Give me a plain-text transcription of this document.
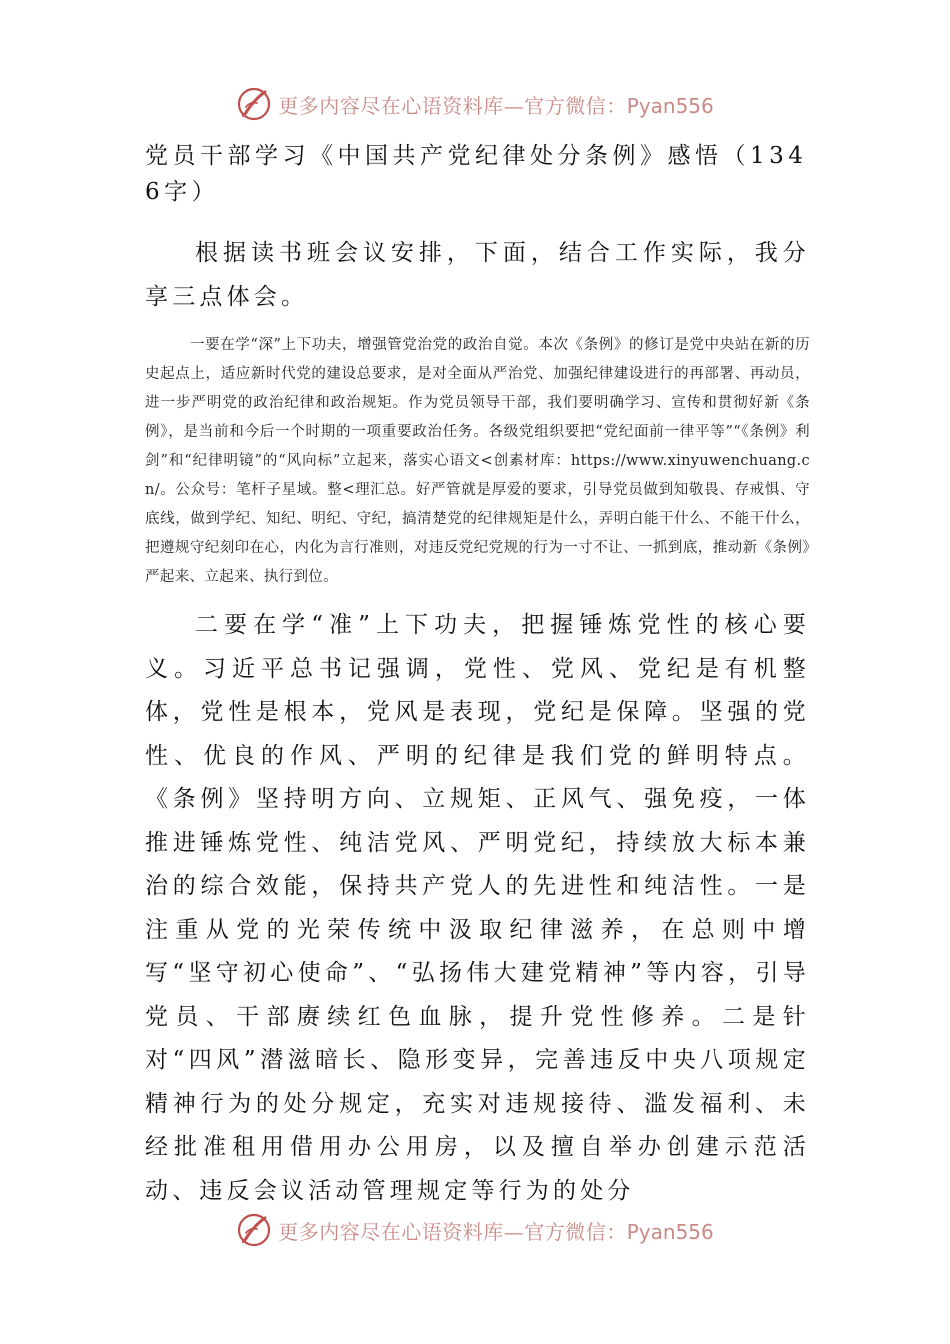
更多内容尽在心语资料库—官方微信：Pyan556
党员干部学习《中国共产党纪律处分条例》感悟（1346字）

根据读书班会议安排，下面，结合工作实际，我分享三点体会。

一要在学“深”上下功夫，增强管党治党的政治自觉。本次《条例》的修订是党中央站在新的历史起点上，适应新时代党的建设总要求，是对全面从严治党、加强纪律建设进行的再部署、再动员，进一步严明党的政治纪律和政治规矩。作为党员领导干部，我们要明确学习、宣传和贯彻好新《条例》，是当前和今后一个时期的一项重要政治任务。各级党组织要把“党纪面前一律平等”“《条例》利剑”和“纪律明镜”的“风向标”立起来，落实心语文<创素材库：https://www.xinyuwenchuang.cn/。公众号：笔杆子星域。整<理汇总。好严管就是厚爱的要求，引导党员做到知敬畏、存戒惧、守底线，做到学纪、知纪、明纪、守纪，搞清楚党的纪律规矩是什么，弄明白能干什么、不能干什么，把遵规守纪刻印在心，内化为言行准则，对违反党纪党规的行为一寸不让、一抓到底，推动新《条例》严起来、立起来、执行到位。

二要在学“准”上下功夫，把握锤炼党性的核心要义。习近平总书记强调，党性、党风、党纪是有机整体，党性是根本，党风是表现，党纪是保障。坚强的党性、优良的作风、严明的纪律是我们党的鲜明特点。《条例》坚持明方向、立规矩、正风气、强免疫，一体推进锤炼党性、纯洁党风、严明党纪，持续放大标本兼治的综合效能，保持共产党人的先进性和纯洁性。一是注重从党的光荣传统中汲取纪律滋养，在总则中增写“坚守初心使命”、“弘扬伟大建党精神”等内容，引导党员、干部赓续红色血脉，提升党性修养。二是针对“四风”潜滋暗长、隐形变异，完善违反中央八项规定精神行为的处分规定，充实对违规接待、滥发福利、未经批准租用借用办公用房，以及擅自举办创建示范活动、违反会议活动管理规定等行为的处分

更多内容尽在心语资料库—官方微信：Pyan556
